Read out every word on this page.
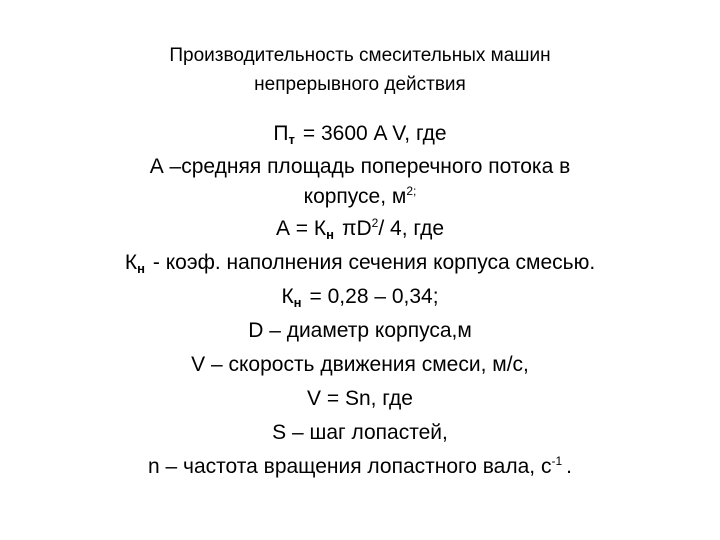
Производительность смесительных машин
непрерывного действия
$П_т = 3600$ A V, где
А –средняя площадь поперечного потока в
корпусе, $м^{2;}$
$А = К_н$ $\pi D^2/$ 4, где
$К_н$ - коэф. наполнения сечения корпуса смесью.
$К_н = 0,28 - 0,34$;
D – диаметр корпуса,м
V – скорость движения смеси, м/с,
V = Sn, где
S – шаг лопастей,
n – частота вращения лопастного вала, $с^{-1}$ .
